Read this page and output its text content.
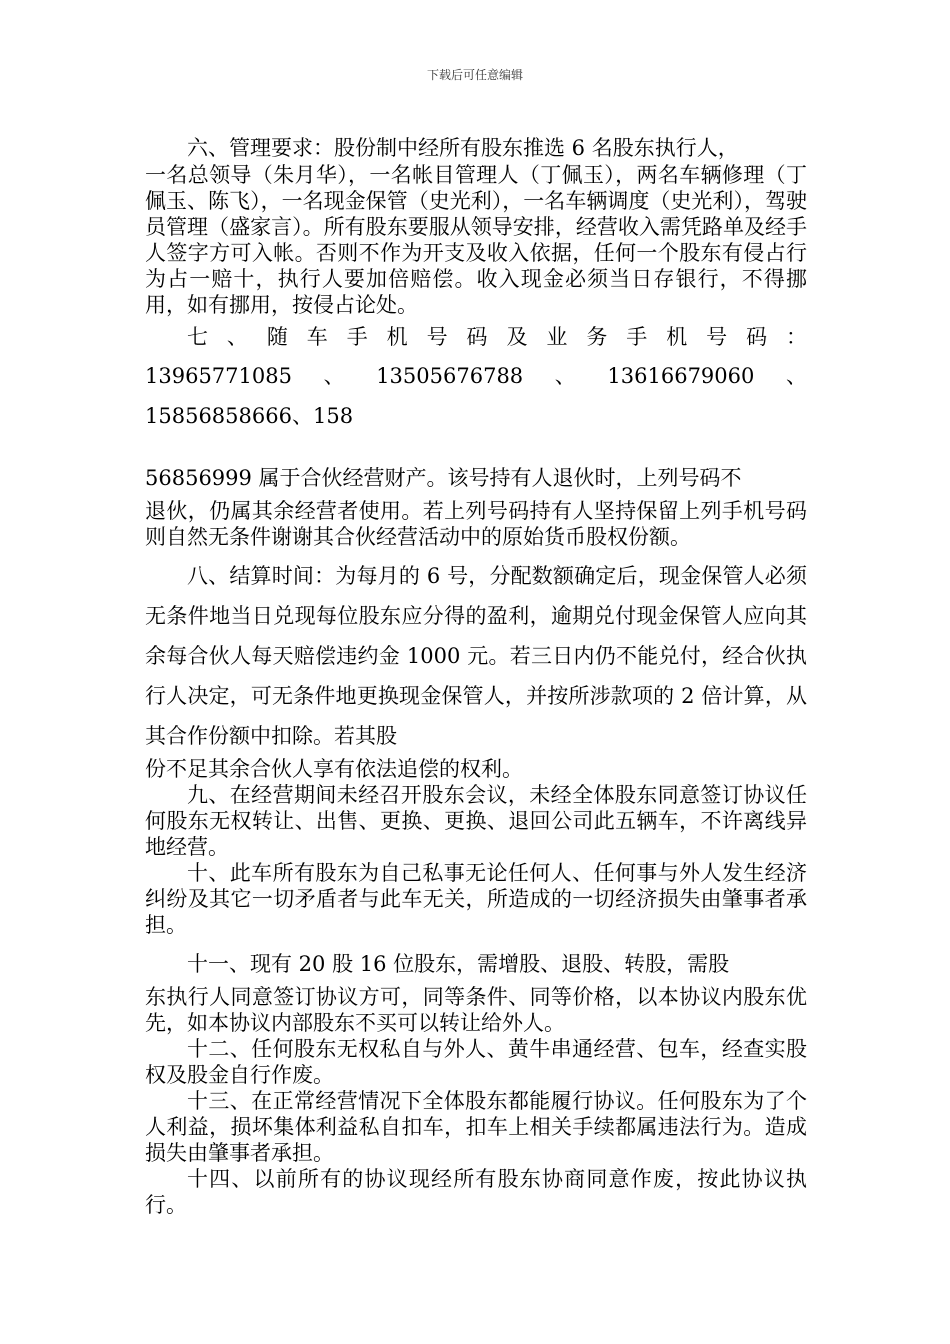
下载后可任意编辑

六、管理要求：股份制中经所有股东推选 6 名股东执行人，

一名总领导（朱月华），一名帐目管理人（丁佩玉），两名车辆修理（丁佩玉、陈飞），一名现金保管（史光利），一名车辆调度（史光利），驾驶员管理（盛家言）。所有股东要服从领导安排，经营收入需凭路单及经手人签字方可入帐。否则不作为开支及收入依据，任何一个股东有侵占行为占一赔十，执行人要加倍赔偿。收入现金必须当日存银行，不得挪用，如有挪用，按侵占论处。

七、随车手机号码及业务手机号码：

13965771085、13505676788、13616679060、15856858666、158

56856999 属于合伙经营财产。该号持有人退伙时，上列号码不

退伙，仍属其余经营者使用。若上列号码持有人坚持保留上列手机号码则自然无条件谢谢其合伙经营活动中的原始货币股权份额。

八、结算时间：为每月的 6 号，分配数额确定后，现金保管人必须无条件地当日兑现每位股东应分得的盈利，逾期兑付现金保管人应向其余每合伙人每天赔偿违约金 1000 元。若三日内仍不能兑付，经合伙执行人决定，可无条件地更换现金保管人，并按所涉款项的 2 倍计算，从其合作份额中扣除。若其股

份不足其余合伙人享有依法追偿的权利。

九、在经营期间未经召开股东会议，未经全体股东同意签订协议任何股东无权转让、出售、更换、更换、退回公司此五辆车，不许离线异地经营。

十、此车所有股东为自己私事无论任何人、任何事与外人发生经济纠纷及其它一切矛盾者与此车无关，所造成的一切经济损失由肇事者承担。

十一、现有 20 股 16 位股东，需增股、退股、转股，需股

东执行人同意签订协议方可，同等条件、同等价格，以本协议内股东优先，如本协议内部股东不买可以转让给外人。

十二、任何股东无权私自与外人、黄牛串通经营、包车，经查实股权及股金自行作废。

十三、在正常经营情况下全体股东都能履行协议。任何股东为了个人利益，损坏集体利益私自扣车，扣车上相关手续都属违法行为。造成损失由肇事者承担。

十四、以前所有的协议现经所有股东协商同意作废，按此协议执行。
